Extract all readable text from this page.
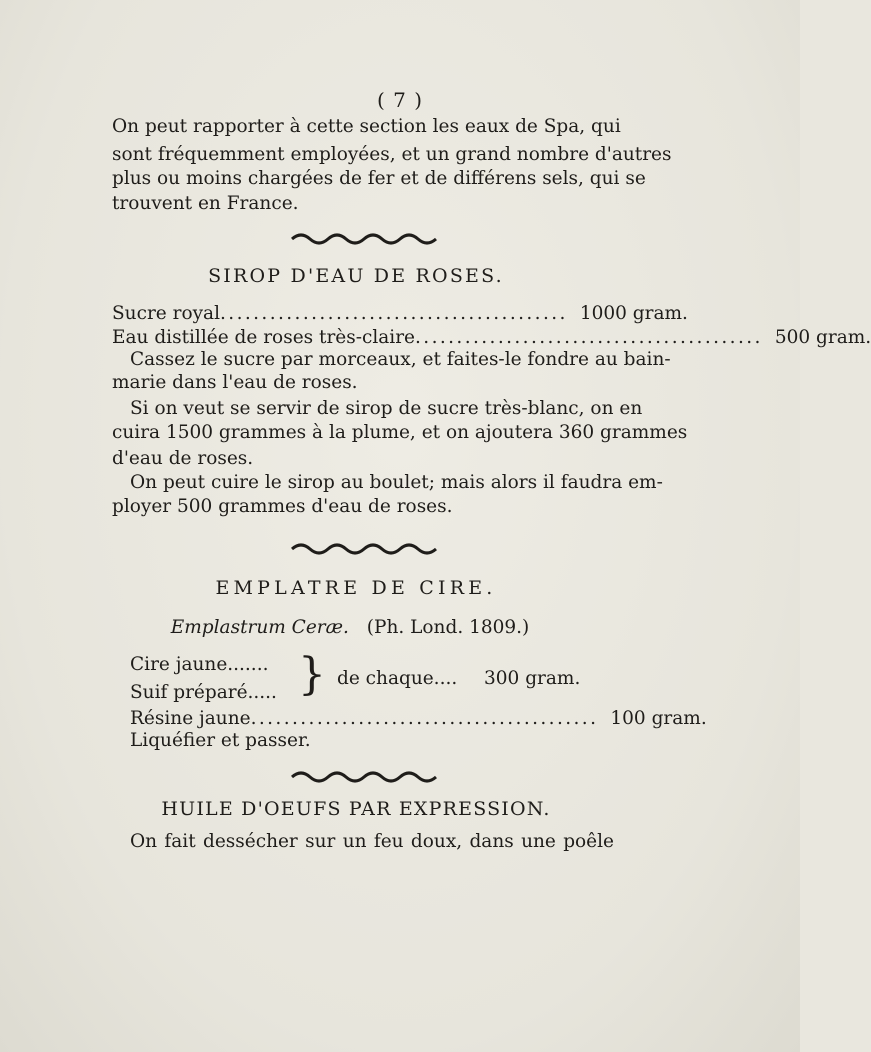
( 7 )
On peut rapporter à cette section les eaux de Spa, qui
sont fréquemment employées, et un grand nombre d'autres
plus ou moins chargées de fer et de différens sels, qui se
trouvent en France.
SIROP D'EAU DE ROSES.
Sucre royal .......................................... 1000 gram.
Eau distillée de roses très-claire .......................................... 500 gram.
Cassez le sucre par morceaux, et faites-le fondre au bain-
marie dans l'eau de roses.
Si on veut se servir de sirop de sucre très-blanc, on en
cuira 1500 grammes à la plume, et on ajoutera 360 grammes
d'eau de roses.
On peut cuire le sirop au boulet; mais alors il faudra em-
ployer 500 grammes d'eau de roses.
EMPLATRE DE CIRE.
Emplastrum Ceræ. (Ph. Lond. 1809.)
Cire jaune.......
Suif préparé..... } de chaque.... 300 gram.
Résine jaune .......................................... 100 gram.
Liquéfier et passer.
HUILE D'OEUFS PAR EXPRESSION.
On fait dessécher sur un feu doux, dans une poêle
